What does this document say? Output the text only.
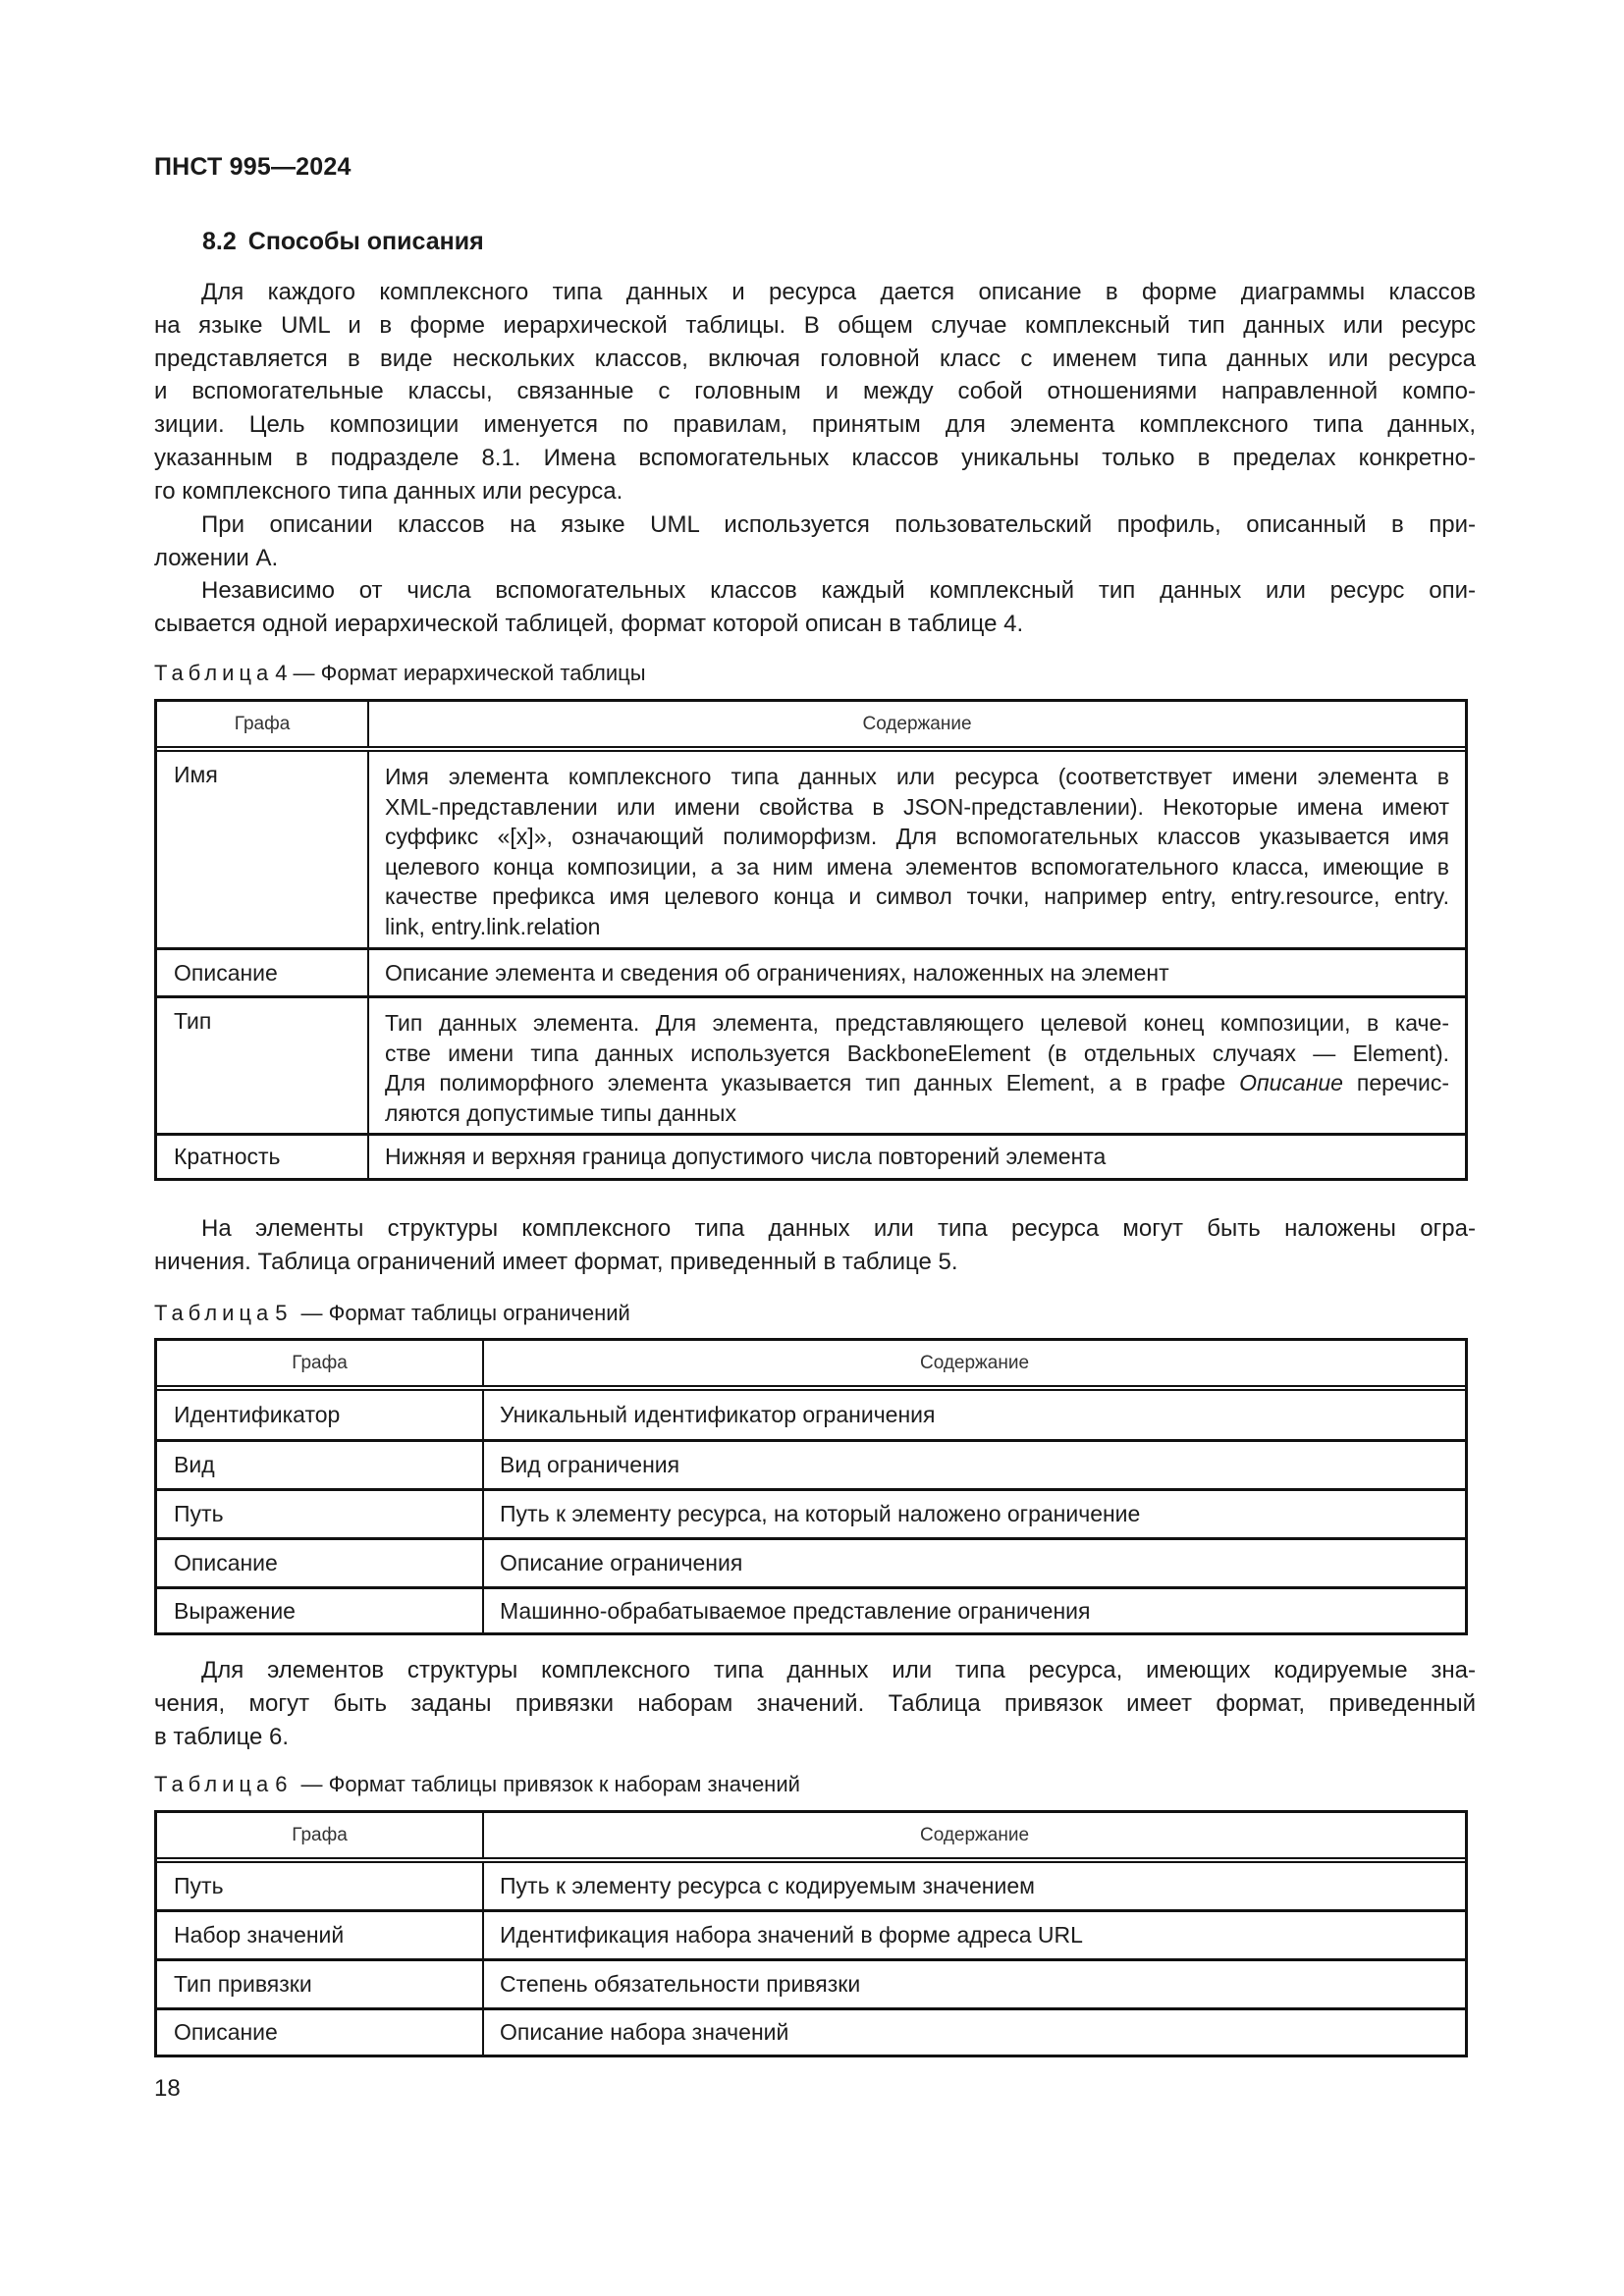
ПНСТ 995—2024
8.2 Способы описания
Для каждого комплексного типа данных и ресурса дается описание в форме диаграммы классов
на языке UML и в форме иерархической таблицы. В общем случае комплексный тип данных или ресурс
представляется в виде нескольких классов, включая головной класс с именем типа данных или ресурса
и вспомогательные классы, связанные с головным и между собой отношениями направленной компо-
зиции. Цель композиции именуется по правилам, принятым для элемента комплексного типа данных,
указанным в подразделе 8.1. Имена вспомогательных классов уникальны только в пределах конкретно-
го комплексного типа данных или ресурса.
При описании классов на языке UML используется пользовательский профиль, описанный в при-
ложении А.
Независимо от числа вспомогательных классов каждый комплексный тип данных или ресурс опи-
сывается одной иерархической таблицей, формат которой описан в таблице 4.
Таблица4 — Формат иерархической таблицы
Графа	Содержание
Имя	Имя элемента комплексного типа данных или ресурса (соответствует имени элемента в
XML-представлении или имени свойства в JSON-представлении). Некоторые имена имеют
суффикс «[x]», означающий полиморфизм. Для вспомогательных классов указывается имя
целевого конца композиции, а за ним имена элементов вспомогательного класса, имеющие в
качестве префикса имя целевого конца и символ точки, например entry, entry.resource, entry.
link, entry.link.relation
Описание	Описание элемента и сведения об ограничениях, наложенных на элемент
Тип	Тип данных элемента. Для элемента, представляющего целевой конец композиции, в каче-
стве имени типа данных используется BackboneElement (в отдельных случаях — Element).
Для полиморфного элемента указывается тип данных Element, а в графе Описание перечис-
ляются допустимые типы данных
Кратность	Нижняя и верхняя граница допустимого числа повторений элемента
На элементы структуры комплексного типа данных или типа ресурса могут быть наложены огра-
ничения. Таблица ограничений имеет формат, приведенный в таблице 5.
Таблица5 — Формат таблицы ограничений
Графа	Содержание
Идентификатор	Уникальный идентификатор ограничения
Вид	Вид ограничения
Путь	Путь к элементу ресурса, на который наложено ограничение
Описание	Описание ограничения
Выражение	Машинно-обрабатываемое представление ограничения
Для элементов структуры комплексного типа данных или типа ресурса, имеющих кодируемые зна-
чения, могут быть заданы привязки наборам значений. Таблица привязок имеет формат, приведенный
в таблице 6.
Таблица6 — Формат таблицы привязок к наборам значений
Графа	Содержание
Путь	Путь к элементу ресурса с кодируемым значением
Набор значений	Идентификация набора значений в форме адреса URL
Тип привязки	Степень обязательности привязки
Описание	Описание набора значений
18
